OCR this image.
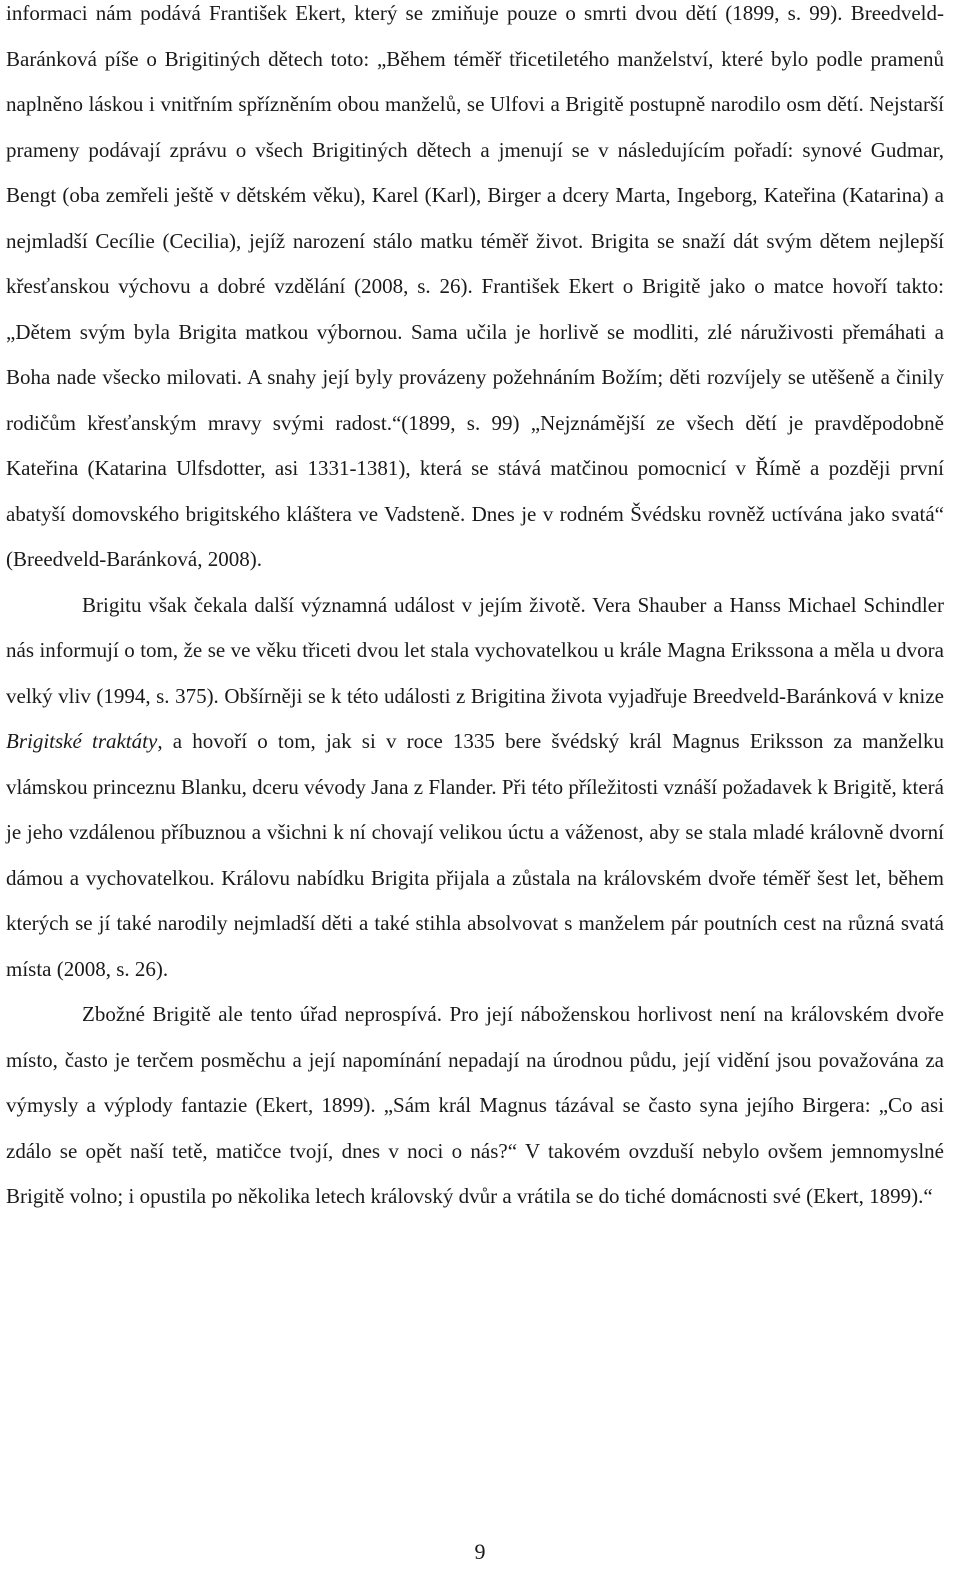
informaci nám podává František Ekert, který se zmiňuje pouze o smrti dvou dětí (1899, s. 99). Breedveld-Baránková píše o Brigitiných dětech toto: „Během téměř třicetiletého manželství, které bylo podle pramenů naplněno láskou i vnitřním spřízněním obou manželů, se Ulfovi a Brigitě postupně narodilo osm dětí. Nejstarší prameny podávají zprávu o všech Brigitiných dětech a jmenují se v následujícím pořadí: synové Gudmar, Bengt (oba zemřeli ještě v dětském věku), Karel (Karl), Birger a dcery Marta, Ingeborg, Kateřina (Katarina) a nejmladší Cecílie (Cecilia), jejíž narození stálo matku téměř život. Brigita se snaží dát svým dětem nejlepší křesťanskou výchovu a dobré vzdělání (2008, s. 26). František Ekert o Brigitě jako o matce hovoří takto: „Dětem svým byla Brigita matkou výbornou. Sama učila je horlivě se modliti, zlé náruživosti přemáhati a Boha nade všecko milovati. A snahy její byly provázeny požehnáním Božím; děti rozvíjely se utěšeně a činily rodičům křesťanským mravy svými radost.“(1899, s. 99) „Nejznámější ze všech dětí je pravděpodobně Kateřina (Katarina Ulfsdotter, asi 1331-1381), která se stává matčinou pomocnicí v Římě a později první abatyší domovského brigitského kláštera ve Vadsteně. Dnes je v rodném Švédsku rovněž uctívána jako svatá“ (Breedveld-Baránková, 2008).

Brigitu však čekala další významná událost v jejím životě. Vera Shauber a Hanss Michael Schindler nás informují o tom, že se ve věku třiceti dvou let stala vychovatelkou u krále Magna Erikssona a měla u dvora velký vliv (1994, s. 375). Obšírněji se k této události z Brigitina života vyjadřuje Breedveld-Baránková v knize Brigitské traktáty, a hovoří o tom, jak si v roce 1335 bere švédský král Magnus Eriksson za manželku vlámskou princeznu Blanku, dceru vévody Jana z Flander. Při této příležitosti vznáší požadavek k Brigitě, která je jeho vzdálenou příbuznou a všichni k ní chovají velikou úctu a váženost, aby se stala mladé královně dvorní dámou a vychovatelkou. Královu nabídku Brigita přijala a zůstala na královském dvoře téměř šest let, během kterých se jí také narodily nejmladší děti a také stihla absolvovat s manželem pár poutních cest na různá svatá místa (2008, s. 26).

Zbožné Brigitě ale tento úřad neprospívá. Pro její náboženskou horlivost není na královském dvoře místo, často je terčem posměchu a její napomínání nepadají na úrodnou půdu, její vidění jsou považována za výmysly a výplody fantazie (Ekert, 1899). „Sám král Magnus tázával se často syna jejího Birgera: „Co asi zdálo se opět naší tetě, matičce tvojí, dnes v noci o nás?“ V takovém ovzduší nebylo ovšem jemnomyslné Brigitě volno; i opustila po několika letech královský dvůr a vrátila se do tiché domácnosti své (Ekert, 1899).“

9
